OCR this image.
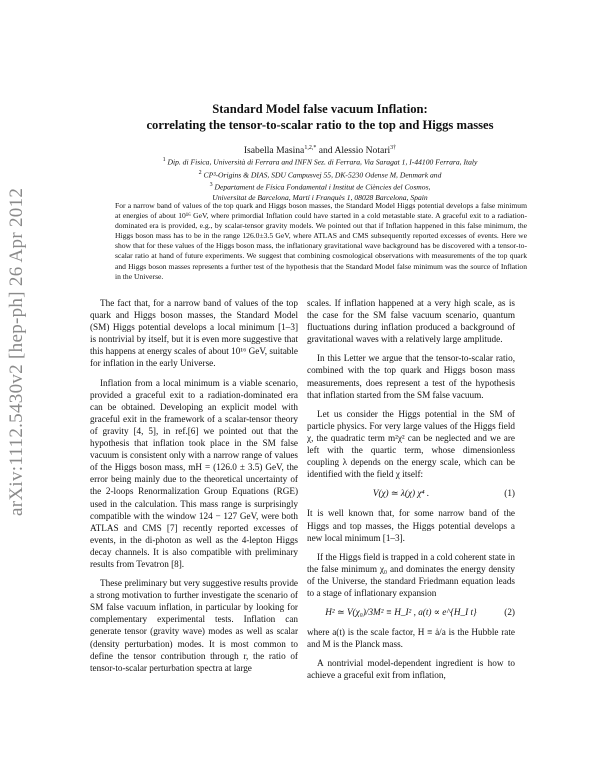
arXiv:1112.5430v2 [hep-ph] 26 Apr 2012
Standard Model false vacuum Inflation:
correlating the tensor-to-scalar ratio to the top and Higgs masses
Isabella Masina$^{1,2,*}$ and Alessio Notari$^{3\dagger}$
$^1$ Dip. di Fisica, Università di Ferrara and INFN Sez. di Ferrara, Via Saragat 1, I-44100 Ferrara, Italy
$^2$ CP³-Origins & DIAS, SDU Campusvej 55, DK-5230 Odense M, Denmark and
$^3$ Departament de Física Fondamental i Institut de Ciències del Cosmos,
Universitat de Barcelona, Martí i Franquès 1, 08028 Barcelona, Spain
For a narrow band of values of the top quark and Higgs boson masses, the Standard Model Higgs potential develops a false minimum at energies of about 10¹⁶ GeV, where primordial Inflation could have started in a cold metastable state. A graceful exit to a radiation-dominated era is provided, e.g., by scalar-tensor gravity models. We pointed out that if Inflation happened in this false minimum, the Higgs boson mass has to be in the range 126.0±3.5 GeV, where ATLAS and CMS subsequently reported excesses of events. Here we show that for these values of the Higgs boson mass, the inflationary gravitational wave background has be discovered with a tensor-to-scalar ratio at hand of future experiments. We suggest that combining cosmological observations with measurements of the top quark and Higgs boson masses represents a further test of the hypothesis that the Standard Model false minimum was the source of Inflation in the Universe.

The fact that, for a narrow band of values of the top quark and Higgs boson masses, the Standard Model (SM) Higgs potential develops a local minimum [1–3] is nontrivial by itself, but it is even more suggestive that this happens at energy scales of about 10¹⁶ GeV, suitable for inflation in the early Universe.

Inflation from a local minimum is a viable scenario, provided a graceful exit to a radiation-dominated era can be obtained. Developing an explicit model with graceful exit in the framework of a scalar-tensor theory of gravity [4, 5], in ref.[6] we pointed out that the hypothesis that inflation took place in the SM false vacuum is consistent only with a narrow range of values of the Higgs boson mass, mH = (126.0 ± 3.5) GeV, the error being mainly due to the theoretical uncertainty of the 2-loops Renormalization Group Equations (RGE) used in the calculation. This mass range is surprisingly compatible with the window 124 − 127 GeV, were both ATLAS and CMS [7] recently reported excesses of events, in the di-photon as well as the 4-lepton Higgs decay channels. It is also compatible with preliminary results from Tevatron [8].

These preliminary but very suggestive results provide a strong motivation to further investigate the scenario of SM false vacuum inflation, in particular by looking for complementary experimental tests. Inflation can generate tensor (gravity wave) modes as well as scalar (density perturbation) modes. It is most common to define the tensor contribution through r, the ratio of tensor-to-scalar perturbation spectra at large

scales. If inflation happened at a very high scale, as is the case for the SM false vacuum scenario, quantum fluctuations during inflation produced a background of gravitational waves with a relatively large amplitude.

In this Letter we argue that the tensor-to-scalar ratio, combined with the top quark and Higgs boson mass measurements, does represent a test of the hypothesis that inflation started from the SM false vacuum.

Let us consider the Higgs potential in the SM of particle physics. For very large values of the Higgs field χ, the quadratic term m²χ² can be neglected and we are left with the quartic term, whose dimensionless coupling λ depends on the energy scale, which can be identified with the field χ itself:

V(χ) ≃ λ(χ) χ⁴ .	(1)

It is well known that, for some narrow band of the Higgs and top masses, the Higgs potential develops a new local minimum [1–3].

If the Higgs field is trapped in a cold coherent state in the false minimum χ₀ and dominates the energy density of the Universe, the standard Friedmann equation leads to a stage of inflationary expansion

H² ≃ V(χ₀)/3M² ≡ H_I² , a(t) ∝ e^{H_I t}	(2)

where a(t) is the scale factor, H ≡ ȧ/a is the Hubble rate and M is the Planck mass.

A nontrivial model-dependent ingredient is how to achieve a graceful exit from inflation,
